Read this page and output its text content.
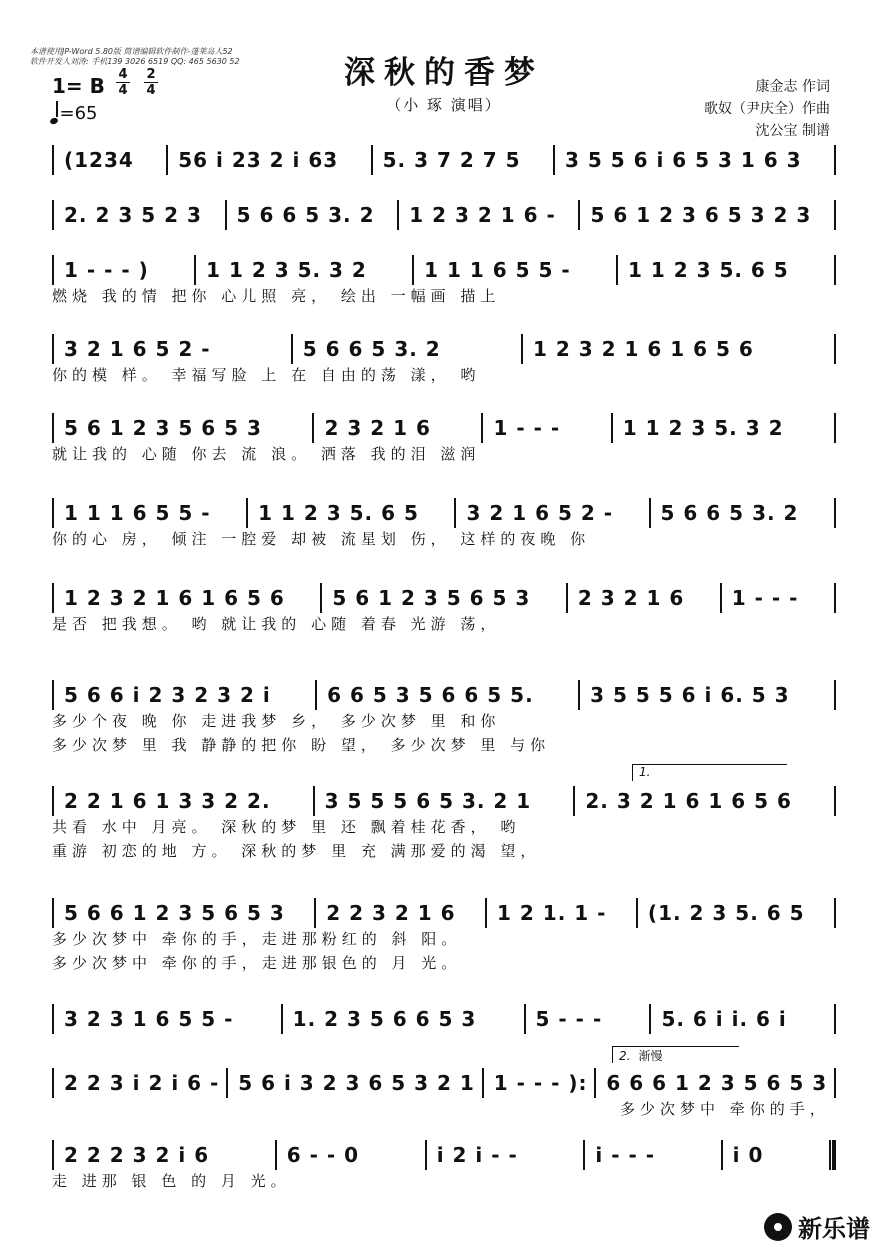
本谱使用JP-Word 5.80版 简谱编辑软件制作-蓬莱岛人52
软件开发人刘涛: 手机139 3026 6519 QQ: 465 5630 52	深秋的香梦
（小 琢 演唱）
康金志 作词
歌奴（尹庆全）作曲
沈公宝 制谱
1= B 4
4
2
4
=65
(1234	56 i 23 2 i 63	5. 3 7 2 7 5	3 5 5 6 i 6 5 3 1 6 3
2. 2 3 5 2 3	5 6 6 5 3. 2	1 2 3 2 1 6 -	5 6 1 2 3 6 5 3 2 3
1 - - - )	1 1 2 3 5. 3 2	1 1 1 6 5 5 -	1 1 2 3 5. 6 5
燃烧 我的情 把你 心儿照 亮， 绘出 一幅画 描上
3 2 1 6 5 2 -	5 6 6 5 3. 2	1 2 3 2 1 6 1 6 5 6
你的模 样。 幸福写脸 上 在 自由的荡 漾， 哟
5 6 1 2 3 5 6 5 3	2 3 2 1 6	1 - - -	1 1 2 3 5. 3 2
就让我的 心随 你去 流 浪。 洒落 我的泪 滋润
1 1 1 6 5 5 -	1 1 2 3 5. 6 5	3 2 1 6 5 2 -	5 6 6 5 3. 2
你的心 房， 倾注 一腔爱 却被 流星划 伤， 这样的夜晚 你
1 2 3 2 1 6 1 6 5 6	5 6 1 2 3 5 6 5 3	2 3 2 1 6	1 - - -
是否 把我想。 哟 就让我的 心随 着春 光游 荡，
5 6 6 i 2 3 2 3 2 i	6 6 5 3 5 6 6 5 5.	3 5 5 5 6 i 6. 5 3
多少个夜 晚 你 走进我梦 乡， 多少次梦 里 和你
多少次梦 里 我 静静的把你 盼 望， 多少次梦 里 与你
2 2 1 6 1 3 3 2 2.	3 5 5 5 6 5 3. 2 1	2. 3 2 1 6 1 6 5 6
1.
共看 水中 月亮。 深秋的梦 里 还 飘着桂花香， 哟
重游 初恋的地 方。 深秋的梦 里 充 满那爱的渴 望，
5 6 6 1 2 3 5 6 5 3	2 2 3 2 1 6	1 2 1. 1 -	(1. 2 3 5. 6 5
多少次梦中 牵你的手，走进那粉红的 斜 阳。
多少次梦中 牵你的手，走进那银色的 月 光。
3 2 3 1 6 5 5 -	1. 2 3 5 6 6 5 3	5 - - -	5. 6 i i. 6 i
2 2 3 i 2 i 6 - 5 6 i 3 2 3 6 5 3 2 1 1 - - - ): 6 6 6 1 2 3 5 6 5 3
2. 渐慢
多少次梦中 牵你的手，
2 2 2 3 2 i 6	6 - - 0	i 2 i - -	i - - -	i 0
走 进那 银 色 的 月 光。
新乐谱
